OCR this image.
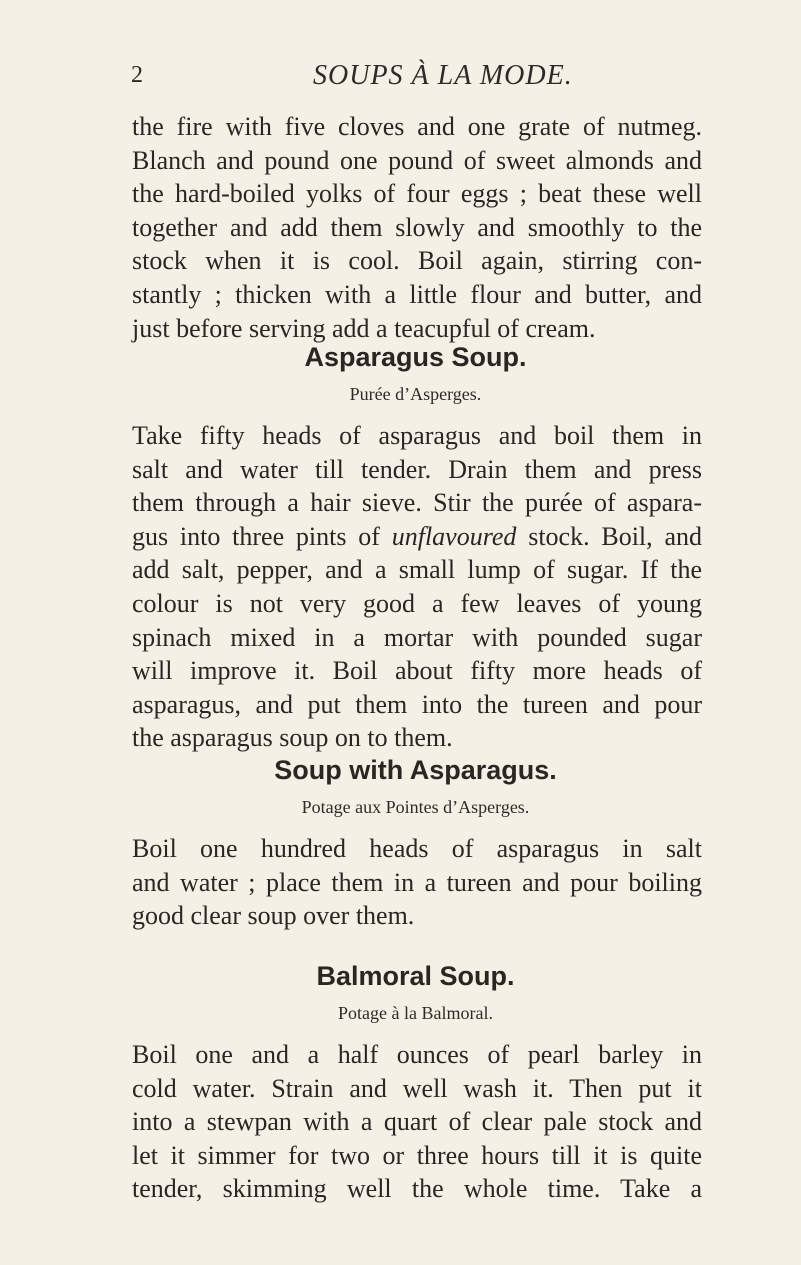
2	SOUPS À LA MODE.
the fire with five cloves and one grate of nutmeg.
Blanch and pound one pound of sweet almonds and
the hard-boiled yolks of four eggs ; beat these well
together and add them slowly and smoothly to the
stock when it is cool. Boil again, stirring con-
stantly ; thicken with a little flour and butter, and
just before serving add a teacupful of cream.
Asparagus Soup.
Purée d’Asperges.
Take fifty heads of asparagus and boil them in
salt and water till tender. Drain them and press
them through a hair sieve. Stir the purée of aspara-
gus into three pints of unflavoured stock. Boil, and
add salt, pepper, and a small lump of sugar. If the
colour is not very good a few leaves of young
spinach mixed in a mortar with pounded sugar
will improve it. Boil about fifty more heads of
asparagus, and put them into the tureen and pour
the asparagus soup on to them.
Soup with Asparagus.
Potage aux Pointes d’Asperges.
Boil one hundred heads of asparagus in salt
and water ; place them in a tureen and pour boiling
good clear soup over them.
Balmoral Soup.
Potage à la Balmoral.
Boil one and a half ounces of pearl barley in
cold water. Strain and well wash it. Then put it
into a stewpan with a quart of clear pale stock and
let it simmer for two or three hours till it is quite
tender, skimming well the whole time. Take a
